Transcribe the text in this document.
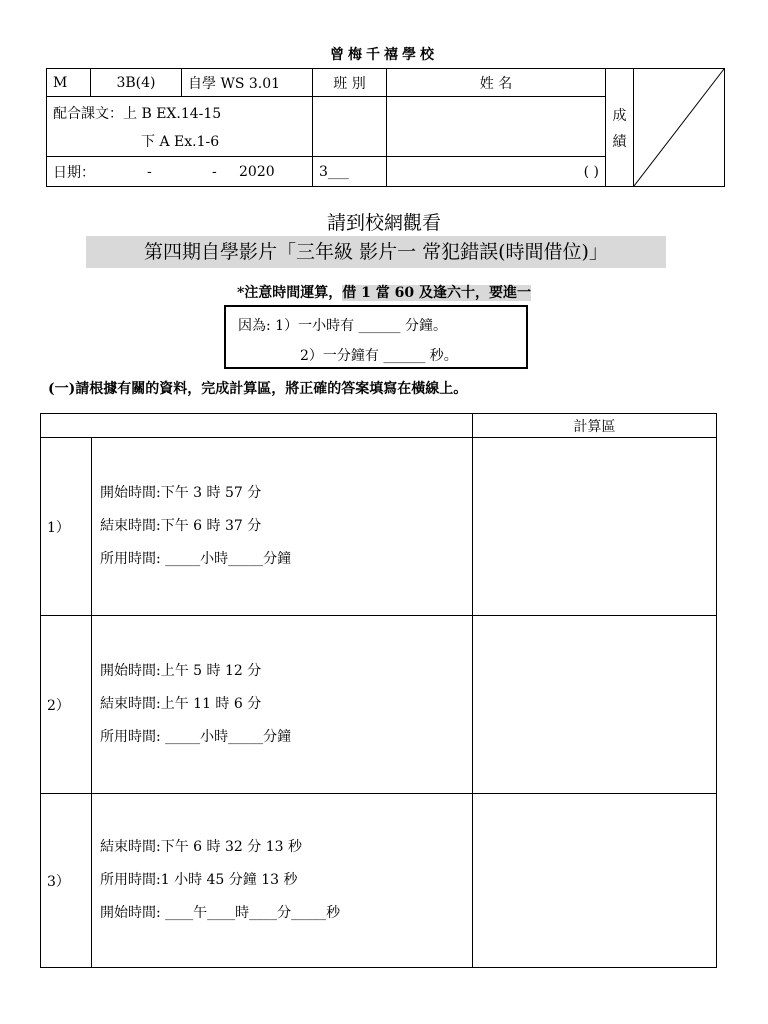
曾梅千禧學校
M	3B(4)	自學 WS 3.01	班 別	姓 名	成
績

配合課文：上 B EX.14-15
下 A Ex.1-6						

日期： - - 2020			3___	( )		
請到校網觀看
第四期自學影片「三年級 影片一 常犯錯誤(時間借位)」
*注意時間運算，借 1 當 60 及逢六十，要進一
因為: 1）一小時有 ______ 分鐘。
2）一分鐘有 ______ 秒。
(一)請根據有關的資料，完成計算區，將正確的答案填寫在橫線上。
		計算區
1）	開始時間:下午 3 時 57 分
結束時間:下午 6 時 37 分
所用時間: _____小時_____分鐘	

2）	開始時間:上午 5 時 12 分
結束時間:上午 11 時 6 分
所用時間: _____小時_____分鐘	

3）	結束時間:下午 6 時 32 分 13 秒
所用時間:1 小時 45 分鐘 13 秒
開始時間: ____午____時____分_____秒	
